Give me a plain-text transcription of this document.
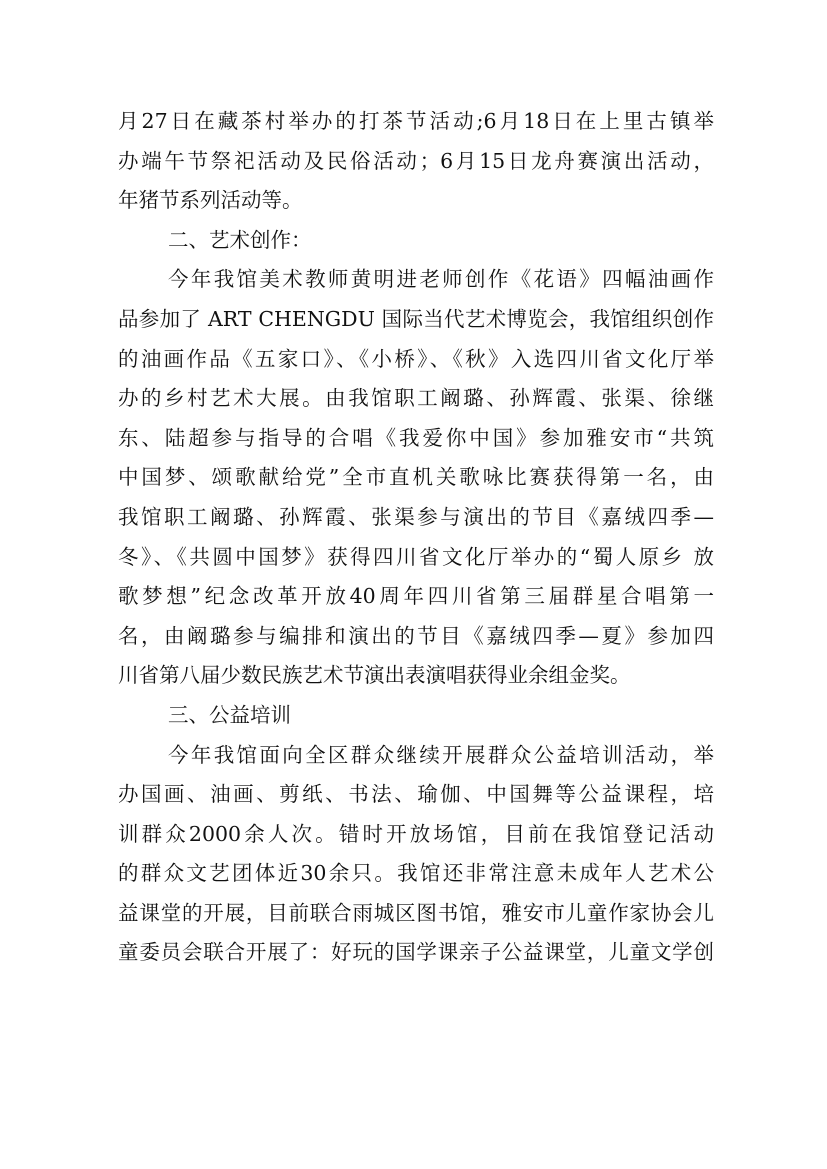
月27日在藏茶村举办的打茶节活动;6月18日在上里古镇举
办端午节祭祀活动及民俗活动；6月15日龙舟赛演出活动，
年猪节系列活动等。
二、艺术创作：
今年我馆美术教师黄明进老师创作《花语》四幅油画作
品参加了 ART CHENGDU 国际当代艺术博览会，我馆组织创作
的油画作品《五家口》、《小桥》、《秋》入选四川省文化厅举
办的乡村艺术大展。由我馆职工阚璐、孙辉霞、张渠、徐继
东、陆超参与指导的合唱《我爱你中国》参加雅安市“共筑
中国梦、颂歌献给党”全市直机关歌咏比赛获得第一名，由
我馆职工阚璐、孙辉霞、张渠参与演出的节目《嘉绒四季—
冬》、《共圆中国梦》获得四川省文化厅举办的“蜀人原乡 放
歌梦想”纪念改革开放40周年四川省第三届群星合唱第一
名，由阚璐参与编排和演出的节目《嘉绒四季—夏》参加四
川省第八届少数民族艺术节演出表演唱获得业余组金奖。
三、公益培训
今年我馆面向全区群众继续开展群众公益培训活动，举
办国画、油画、剪纸、书法、瑜伽、中国舞等公益课程，培
训群众2000余人次。错时开放场馆，目前在我馆登记活动
的群众文艺团体近30余只。我馆还非常注意未成年人艺术公
益课堂的开展，目前联合雨城区图书馆，雅安市儿童作家协会儿
童委员会联合开展了：好玩的国学课亲子公益课堂，儿童文学创
